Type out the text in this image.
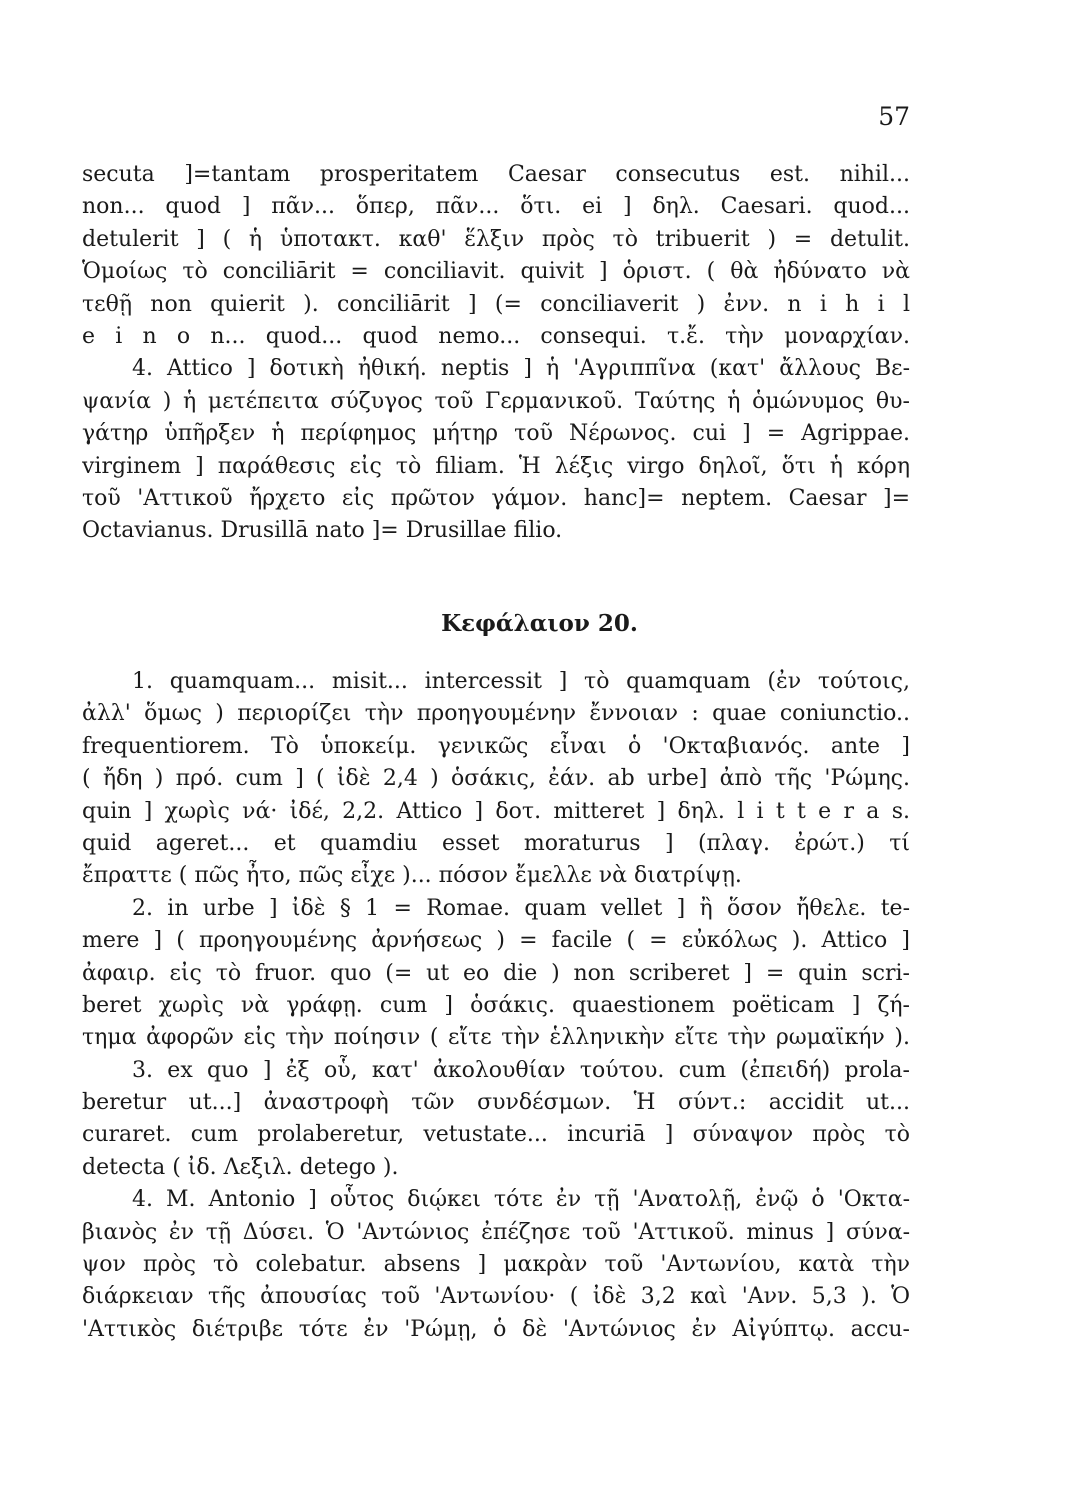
57
secuta ]=tantam prosperitatem Caesar consecutus est. nihil...
non... quod ] πᾶν... ὅπερ, πᾶν... ὅτι. ei ] δηλ. Caesari. quod...
detulerit ] ( ἡ ὑποτακτ. καθ' ἕλξιν πρὸς τὸ tribuerit ) = detulit.
Ὁμοίως τὸ conciliārit = conciliavit. quivit ] ὁριστ. ( θὰ ἠδύνατο νὰ
τεθῇ non quierit ). conciliārit ] (= conciliaverit ) ἐνν. n i h i l
e i n o n... quod... quod nemo... consequi. τ.ἔ. τὴν μοναρχίαν.
4. Attico ] δοτικὴ ἠθική. neptis ] ἡ 'Αγριππῖνα (κατ' ἄλλους Βε-
ψανία ) ἡ μετέπειτα σύζυγος τοῦ Γερμανικοῦ. Ταύτης ἡ ὁμώνυμος θυ-
γάτηρ ὑπῆρξεν ἡ περίφημος μήτηρ τοῦ Νέρωνος. cui ] = Agrippae.
virginem ] παράθεσις εἰς τὸ filiam. Ἡ λέξις virgo δηλοῖ, ὅτι ἡ κόρη
τοῦ 'Αττικοῦ ἤρχετο εἰς πρῶτον γάμον. hanc]= neptem. Caesar ]=
Octavianus. Drusillā nato ]= Drusillae filio.
Κεφάλαιον 20.
1. quamquam... misit... intercessit ] τὸ quamquam (ἐν τούτοις,
ἀλλ' ὅμως ) περιορίζει τὴν προηγουμένην ἔννοιαν : quae coniunctio..
frequentiorem. Τὸ ὑποκείμ. γενικῶς εἶναι ὁ 'Οκταβιανός. ante ]
( ἤδη ) πρό. cum ] ( ἰδὲ 2,4 ) ὁσάκις, ἐάν. ab urbe] ἀπὸ τῆς 'Ρώμης.
quin ] χωρὶς νά· ἰδέ, 2,2. Attico ] δοτ. mitteret ] δηλ. l i t t e r a s.
quid ageret... et quamdiu esset moraturus ] (πλαγ. ἐρώτ.) τί
ἔπραττε ( πῶς ἦτο, πῶς εἶχε )... πόσον ἔμελλε νὰ διατρίψῃ.
2. in urbe ] ἰδὲ § 1 = Romae. quam vellet ] ἢ ὅσον ἤθελε. te-
mere ] ( προηγουμένης ἀρνήσεως ) = facile ( = εὐκόλως ). Attico ]
ἀφαιρ. εἰς τὸ fruor. quo (= ut eo die ) non scriberet ] = quin scri-
beret χωρὶς νὰ γράφῃ. cum ] ὁσάκις. quaestionem poëticam ] ζή-
τημα ἀφορῶν εἰς τὴν ποίησιν ( εἴτε τὴν ἑλληνικὴν εἴτε τὴν ρωμαϊκήν ).
3. ex quo ] ἐξ οὗ, κατ' ἀκολουθίαν τούτου. cum (ἐπειδή) prola-
beretur ut...] ἀναστροφὴ τῶν συνδέσμων. Ἡ σύντ.: accidit ut...
curaret. cum prolaberetur, vetustate... incuriā ] σύναψον πρὸς τὸ
detecta ( ἰδ. Λεξιλ. detego ).
4. M. Antonio ] οὗτος διῴκει τότε ἐν τῇ 'Ανατολῇ, ἐνῷ ὁ 'Οκτα-
βιανὸς ἐν τῇ Δύσει. Ὁ 'Αντώνιος ἐπέζησε τοῦ 'Αττικοῦ. minus ] σύνα-
ψον πρὸς τὸ colebatur. absens ] μακρὰν τοῦ 'Αντωνίου, κατὰ τὴν
διάρκειαν τῆς ἀπουσίας τοῦ 'Αντωνίου· ( ἰδὲ 3,2 καὶ 'Ανν. 5,3 ). Ὁ
'Αττικὸς διέτριβε τότε ἐν 'Ρώμῃ, ὁ δὲ 'Αντώνιος ἐν Αἰγύπτῳ. accu-
